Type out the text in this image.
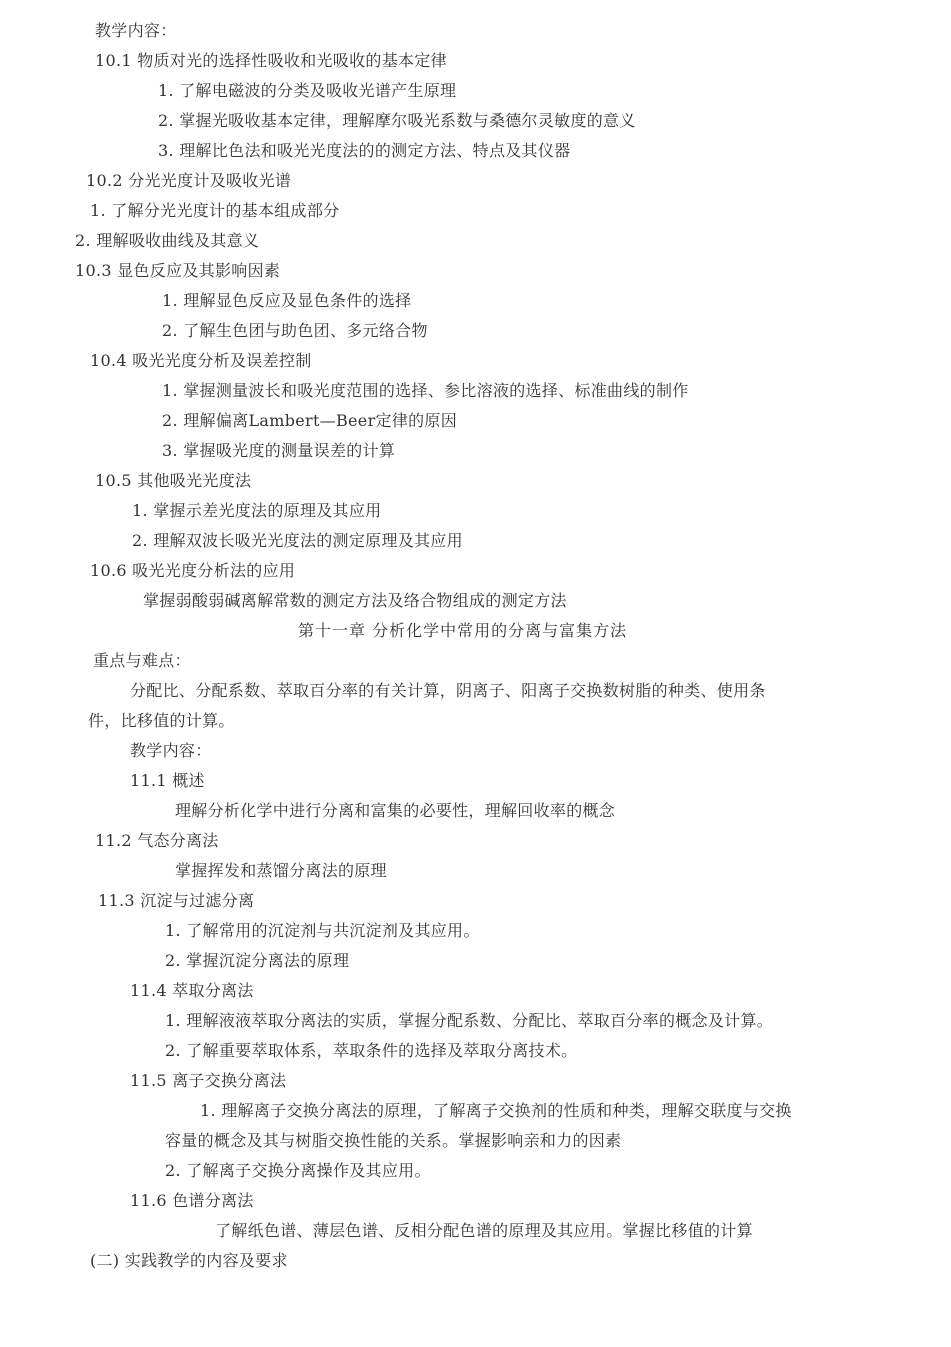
教学内容：
10.1 物质对光的选择性吸收和光吸收的基本定律
1. 了解电磁波的分类及吸收光谱产生原理
2. 掌握光吸收基本定律，理解摩尔吸光系数与桑德尔灵敏度的意义
3. 理解比色法和吸光光度法的的测定方法、特点及其仪器
10.2 分光光度计及吸收光谱
1. 了解分光光度计的基本组成部分
2. 理解吸收曲线及其意义
10.3 显色反应及其影响因素
1. 理解显色反应及显色条件的选择
2. 了解生色团与助色团、多元络合物
10.4 吸光光度分析及误差控制
1. 掌握测量波长和吸光度范围的选择、参比溶液的选择、标准曲线的制作
2. 理解偏离Lambert—Beer定律的原因
3. 掌握吸光度的测量误差的计算
10.5 其他吸光光度法
1. 掌握示差光度法的原理及其应用
2. 理解双波长吸光光度法的测定原理及其应用
10.6 吸光光度分析法的应用
掌握弱酸弱碱离解常数的测定方法及络合物组成的测定方法
第十一章 分析化学中常用的分离与富集方法
重点与难点：
分配比、分配系数、萃取百分率的有关计算，阴离子、阳离子交换数树脂的种类、使用条
件，比移值的计算。
教学内容：
11.1 概述
理解分析化学中进行分离和富集的必要性，理解回收率的概念
11.2 气态分离法
掌握挥发和蒸馏分离法的原理
11.3 沉淀与过滤分离
1. 了解常用的沉淀剂与共沉淀剂及其应用。
2. 掌握沉淀分离法的原理
11.4 萃取分离法
1. 理解液液萃取分离法的实质，掌握分配系数、分配比、萃取百分率的概念及计算。
2. 了解重要萃取体系，萃取条件的选择及萃取分离技术。
11.5 离子交换分离法
1. 理解离子交换分离法的原理，了解离子交换剂的性质和种类，理解交联度与交换
容量的概念及其与树脂交换性能的关系。掌握影响亲和力的因素
2. 了解离子交换分离操作及其应用。
11.6 色谱分离法
了解纸色谱、薄层色谱、反相分配色谱的原理及其应用。掌握比移值的计算
(二) 实践教学的内容及要求
